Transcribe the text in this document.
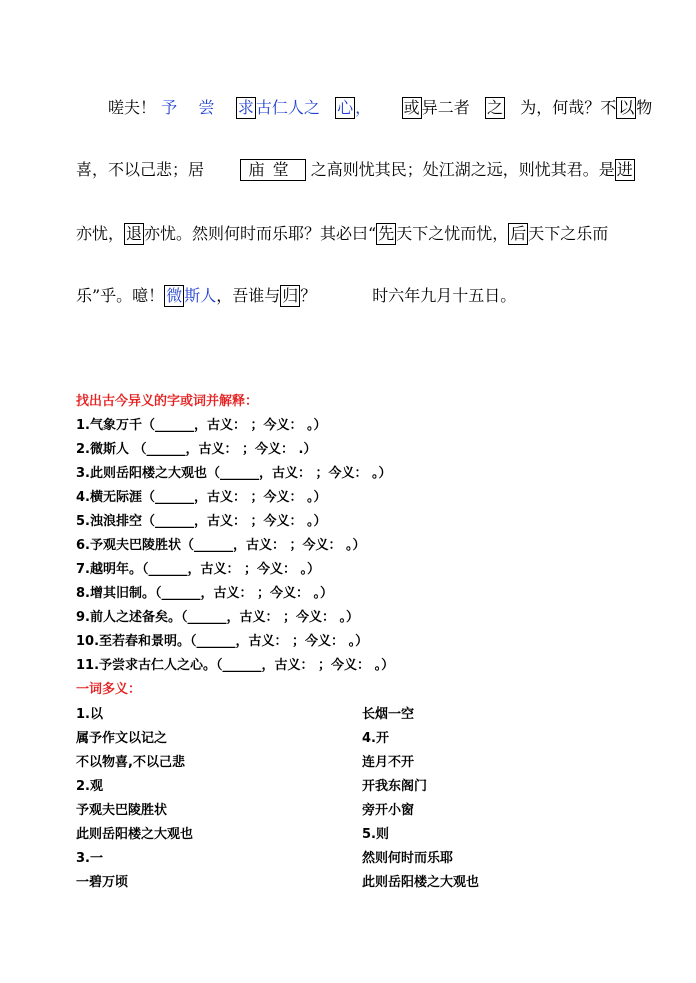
嗟夫！ 予 尝 求 古仁人之 心 ， 或 异二者 之 为，何哉？不 以 物
喜，不以己悲；居	庙堂 之高则忧其民；处江湖之远，则忧其君。是 进
亦忧， 退 亦忧。然则何时而乐耶？其必曰“ 先 天下之忧而忧， 后 天下之乐而
乐”乎。噫！ 微 斯人，吾谁与 归 ？	时六年九月十五日。
找出古今异义的字或词并解释：
1.气象万千（______，古义： ；今义： 。）
2.微斯人 （______，古义： ；今义： .）
3.此则岳阳楼之大观也（______，古义： ；今义： 。）
4.横无际涯（______，古义： ；今义： 。）
5.浊浪排空（______，古义： ；今义： 。）
6.予观夫巴陵胜状（______，古义： ；今义： 。）
7.越明年。（______，古义： ；今义： 。）
8.增其旧制。（______，古义： ；今义： 。）
9.前人之述备矣。（______，古义： ；今义： 。）
10.至若春和景明。（______，古义： ；今义： 。）
11.予尝求古仁人之心。（______，古义： ；今义： 。）
一词多义：
1.以
属予作文以记之
不以物喜,不以己悲
2.观
予观夫巴陵胜状
此则岳阳楼之大观也
3.一
一碧万顷
长烟一空
4.开
连月不开
开我东阁门
旁开小窗
5.则
然则何时而乐耶
此则岳阳楼之大观也
